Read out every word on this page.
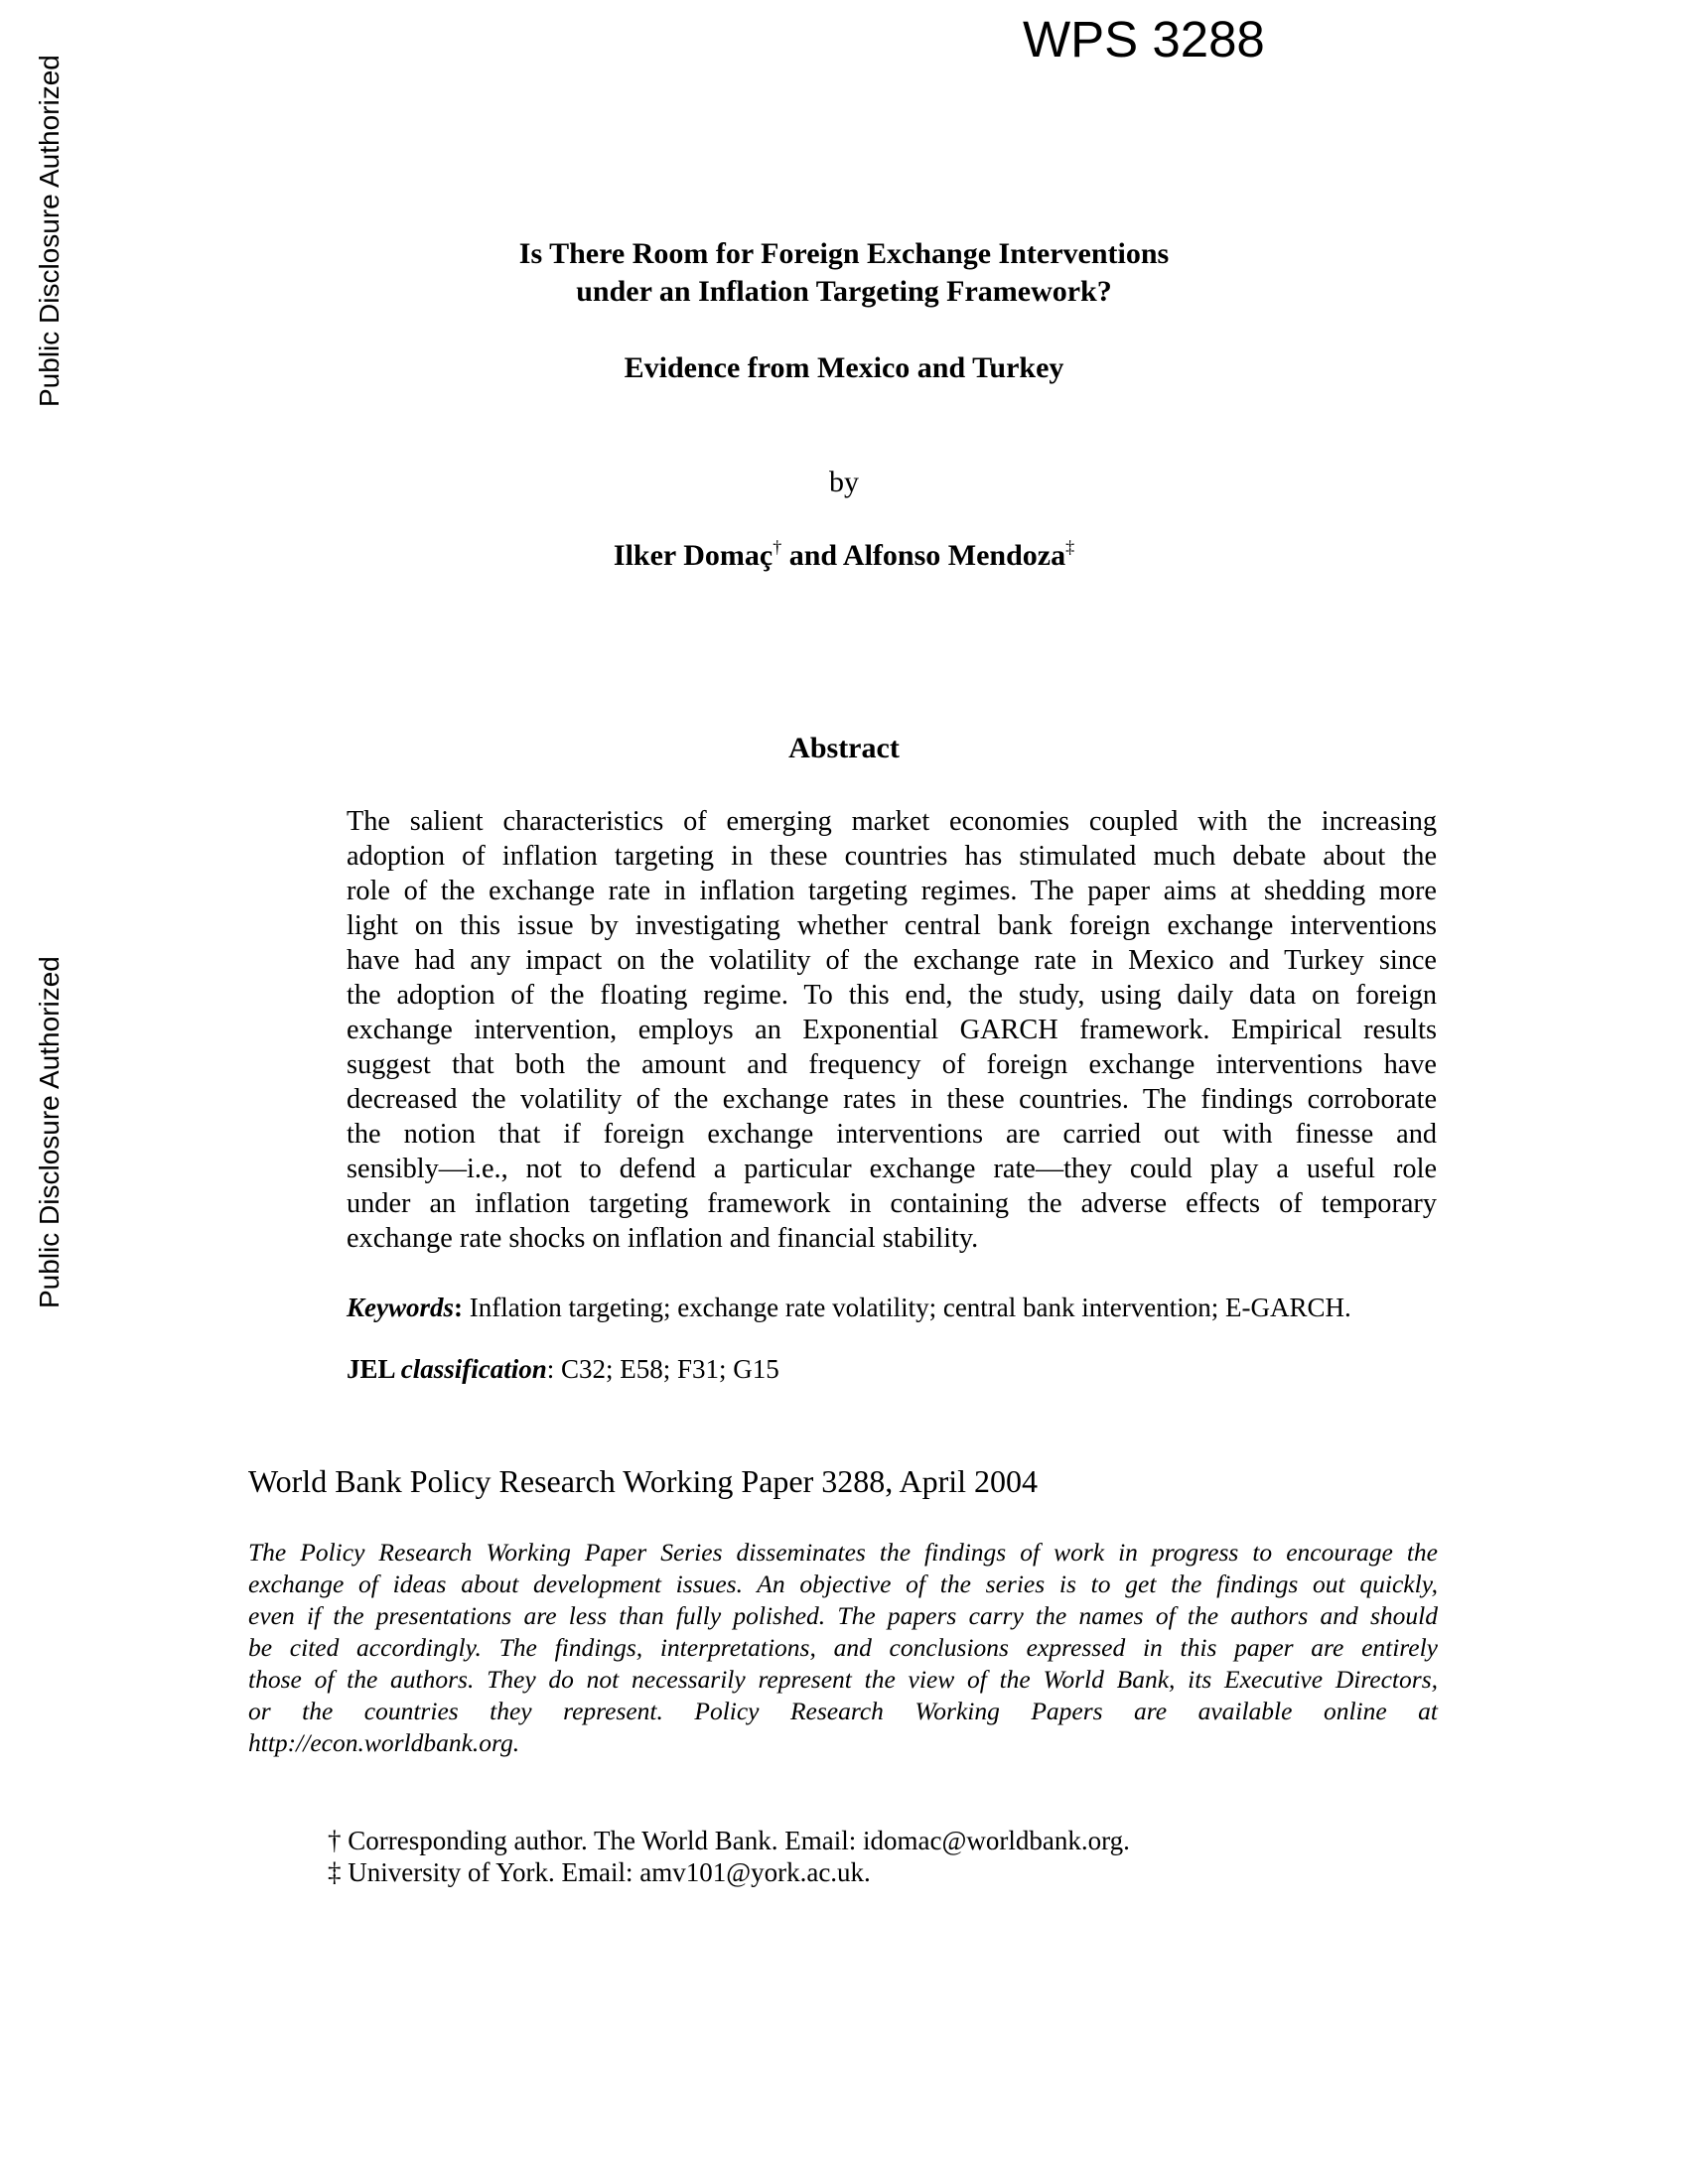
Public Disclosure Authorized
Public Disclosure Authorized
WPS 3288
Is There Room for Foreign Exchange Interventions
under an Inflation Targeting Framework?
Evidence from Mexico and Turkey
by
Ilker Domaç† and Alfonso Mendoza‡
Abstract
The salient characteristics of emerging market economies coupled with the increasing
adoption of inflation targeting in these countries has stimulated much debate about the
role of the exchange rate in inflation targeting regimes. The paper aims at shedding more
light on this issue by investigating whether central bank foreign exchange interventions
have had any impact on the volatility of the exchange rate in Mexico and Turkey since
the adoption of the floating regime. To this end, the study, using daily data on foreign
exchange intervention, employs an Exponential GARCH framework. Empirical results
suggest that both the amount and frequency of foreign exchange interventions have
decreased the volatility of the exchange rates in these countries. The findings corroborate
the notion that if foreign exchange interventions are carried out with finesse and
sensibly—i.e., not to defend a particular exchange rate—they could play a useful role
under an inflation targeting framework in containing the adverse effects of temporary
exchange rate shocks on inflation and financial stability.
Keywords: Inflation targeting; exchange rate volatility; central bank intervention; E-GARCH.
JEL classification: C32; E58; F31; G15
World Bank Policy Research Working Paper 3288, April 2004
The Policy Research Working Paper Series disseminates the findings of work in progress to encourage the
exchange of ideas about development issues. An objective of the series is to get the findings out quickly,
even if the presentations are less than fully polished. The papers carry the names of the authors and should
be cited accordingly. The findings, interpretations, and conclusions expressed in this paper are entirely
those of the authors. They do not necessarily represent the view of the World Bank, its Executive Directors,
or the countries they represent. Policy Research Working Papers are available online at
http://econ.worldbank.org.
† Corresponding author. The World Bank. Email: idomac@worldbank.org.
‡ University of York. Email: amv101@york.ac.uk.
